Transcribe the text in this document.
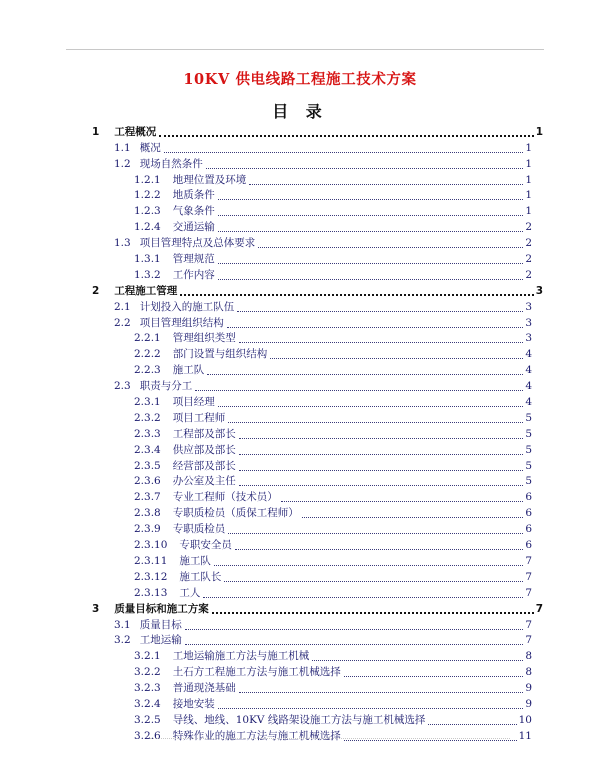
10KV 供电线路工程施工技术方案
目 录
1 工程概况	1
1.1 概况	1
1.2 现场自然条件	1
1.2.1 地理位置及环境	1
1.2.2 地质条件	1
1.2.3 气象条件	1
1.2.4 交通运输	2
1.3 项目管理特点及总体要求	2
1.3.1 管理规范	2
1.3.2 工作内容	2
2 工程施工管理	3
2.1 计划投入的施工队伍	3
2.2 项目管理组织结构	3
2.2.1 管理组织类型	3
2.2.2 部门设置与组织结构	4
2.2.3 施工队	4
2.3 职责与分工	4
2.3.1 项目经理	4
2.3.2 项目工程师	5
2.3.3 工程部及部长	5
2.3.4 供应部及部长	5
2.3.5 经营部及部长	5
2.3.6 办公室及主任	5
2.3.7 专业工程师（技术员）	6
2.3.8 专职质检员（质保工程师）	6
2.3.9 专职质检员	6
2.3.10 专职安全员	6
2.3.11 施工队	7
2.3.12 施工队长	7
2.3.13 工人	7
3 质量目标和施工方案	7
3.1 质量目标	7
3.2 工地运输	7
3.2.1 工地运输施工方法与施工机械	8
3.2.2 土石方工程施工方法与施工机械选择	8
3.2.3 普通现浇基础	9
3.2.4 接地安装	9
3.2.5 导线、地线、10KV 线路架设施工方法与施工机械选择	10
3.2.6 特殊作业的施工方法与施工机械选择	11
